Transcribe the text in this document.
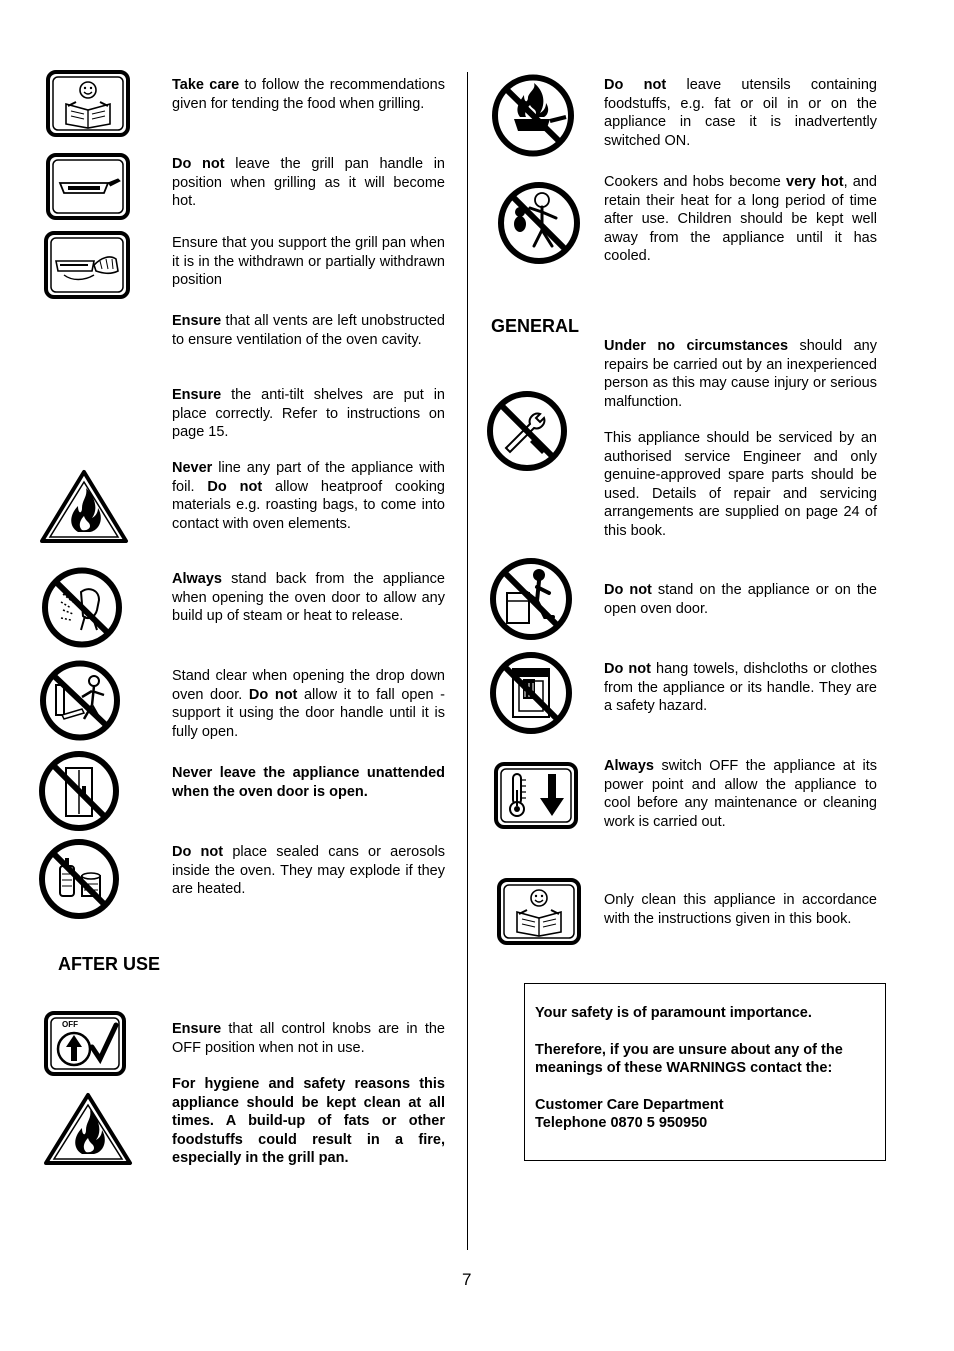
OFF

Take care to follow the recommendations given for tending the food when grilling.

Do not leave the grill pan handle in position when grilling as it will become hot.

Ensure that you support the grill pan when it is in the withdrawn or partially withdrawn position

Ensure that all vents are left unobstructed to ensure ventilation of the oven cavity.

Ensure the anti-tilt shelves are put in place correctly. Refer to instructions on page 15.

Never line any part of the appliance with foil. Do not allow heatproof cooking materials e.g. roasting bags, to come into contact with oven elements.

Always stand back from the appliance when opening the oven door to allow any build up of steam or heat to release.

Stand clear when opening the drop down oven door. Do not allow it to fall open - support it using the door handle until it is fully open.

Never leave the appliance unattended when the oven door is open.

Do not place sealed cans or aerosols inside the oven. They may explode if they are heated.

AFTER USE

Ensure that all control knobs are in the OFF position when not in use.

For hygiene and safety reasons this appliance should be kept clean at all times. A build-up of fats or other foodstuffs could result in a fire, especially in the grill pan.

Do not leave utensils containing foodstuffs, e.g. fat or oil in or on the appliance in case it is inadvertently switched ON.

Cookers and hobs become very hot, and retain their heat for a long period of time after use. Children should be kept well away from the appliance until it has cooled.

GENERAL

Under no circumstances should any repairs be carried out by an inexperienced person as this may cause injury or serious malfunction.

This appliance should be serviced by an authorised service Engineer and only genuine-approved spare parts should be used. Details of repair and servicing arrangements are supplied on page 24 of this book.

Do not stand on the appliance or on the open oven door.

Do not hang towels, dishcloths or clothes from the appliance or its handle. They are a safety hazard.

Always switch OFF the appliance at its power point and allow the appliance to cool before any maintenance or cleaning work is carried out.

Only clean this appliance in accordance with the instructions given in this book.

Your safety is of paramount importance.

Therefore, if you are unsure about any of the meanings of these WARNINGS contact the:

Customer Care Department
Telephone 0870 5 950950
7
